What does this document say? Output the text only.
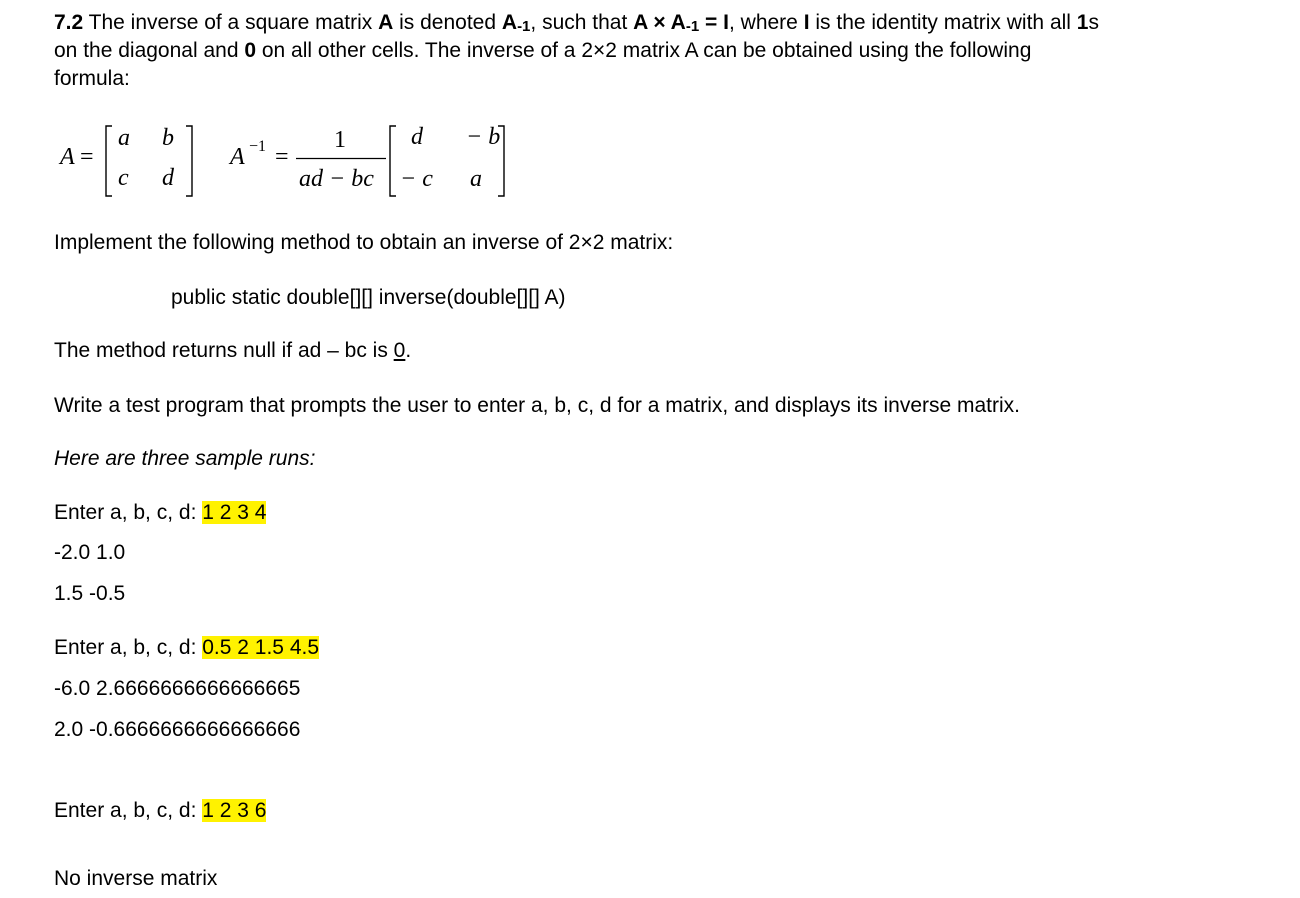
7.2 The inverse of a square matrix A is denoted A-1, such that A × A-1 = I, where I is the identity matrix with all 1s
on the diagonal and 0 on all other cells. The inverse of a 2×2 matrix A can be obtained using the following
formula:
A =
a b
c d
A −1 =
1
ad − bc
d − b
− c a
Implement the following method to obtain an inverse of 2×2 matrix:
public static double[][] inverse(double[][] A)
The method returns null if ad – bc is 0.
Write a test program that prompts the user to enter a, b, c, d for a matrix, and displays its inverse matrix.
Here are three sample runs:
Enter a, b, c, d: 1 2 3 4
-2.0 1.0
1.5 -0.5
Enter a, b, c, d: 0.5 2 1.5 4.5
-6.0 2.6666666666666665
2.0 -0.6666666666666666
Enter a, b, c, d: 1 2 3 6
No inverse matrix
